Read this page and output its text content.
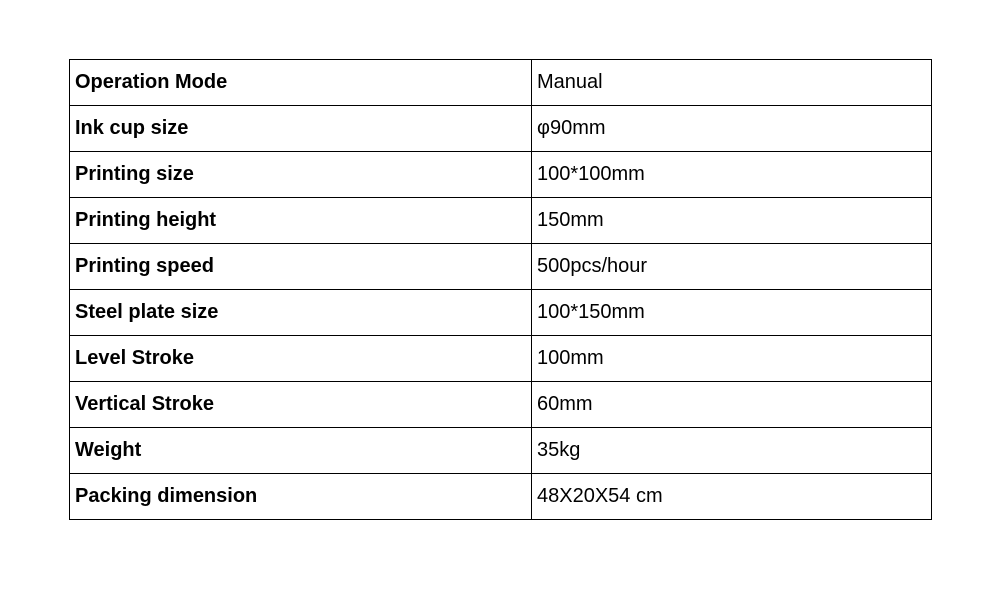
Operation Mode	Manual
Ink cup size	φ90mm
Printing size	100*100mm
Printing height	150mm
Printing speed	500pcs/hour
Steel plate size	100*150mm
Level Stroke	100mm
Vertical Stroke	60mm
Weight	35kg
Packing dimension	48X20X54 cm
